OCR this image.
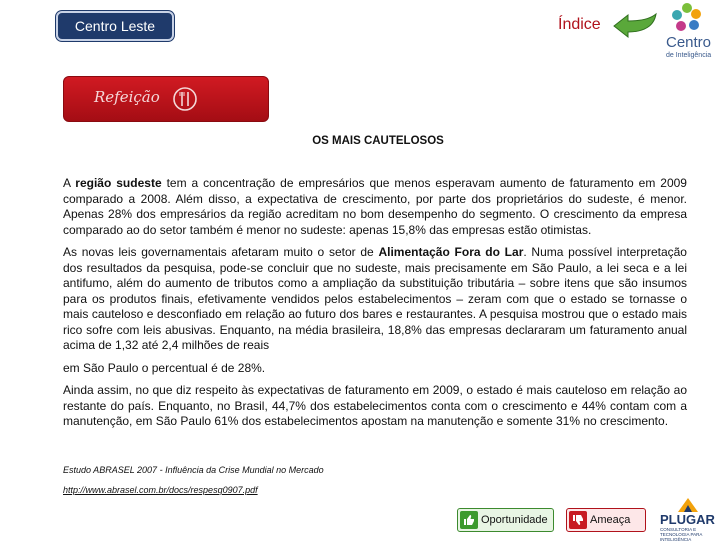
Centro Leste	Índice
Centro
de Inteligência
Refeição
OS MAIS CAUTELOSOS

A região sudeste tem a concentração de empresários que menos esperavam aumento de faturamento em 2009 comparado a 2008. Além disso, a expectativa de crescimento, por parte dos proprietários do sudeste, é menor. Apenas 28% dos empresários da região acreditam no bom desempenho do segmento. O crescimento da empresa comparado ao do setor também é menor no sudeste: apenas 15,8% das empresas estão otimistas.

As novas leis governamentais afetaram muito o setor de Alimentação Fora do Lar. Numa possível interpretação dos resultados da pesquisa, pode-se concluir que no sudeste, mais precisamente em São Paulo, a lei seca e a lei antifumo, além do aumento de tributos como a ampliação da substituição tributária – sobre itens que são insumos para os produtos finais, efetivamente vendidos pelos estabelecimentos – zeram com que o estado se tornasse o mais cauteloso e desconfiado em relação ao futuro dos bares e restaurantes. A pesquisa mostrou que o estado mais rico sofre com leis abusivas. Enquanto, na média brasileira, 18,8% das empresas declararam um faturamento anual acima de 1,32 até 2,4 milhões de reais

em São Paulo o percentual é de 28%.

Ainda assim, no que diz respeito às expectativas de faturamento em 2009, o estado é mais cauteloso em relação ao restante do país. Enquanto, no Brasil, 44,7% dos estabelecimentos conta com o crescimento e 44% contam com a manutenção, em São Paulo 61% dos estabelecimentos apostam na manutenção e somente 31% no crescimento.

Estudo ABRASEL 2007 - Influência da Crise Mundial no Mercado
http://www.abrasel.com.br/docs/respesq0907.pdf
Oportunidade	Ameaça PLUGAR
CONSULTORIA E TECNOLOGIA PARA INTELIGÊNCIA
